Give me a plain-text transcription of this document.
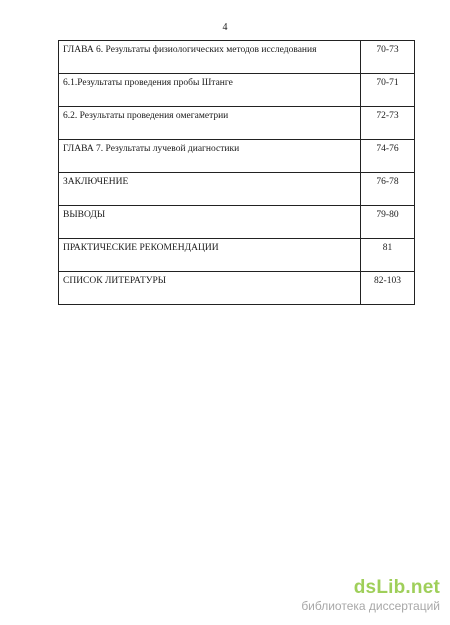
4
ГЛАВА 6. Результаты физиологических методов исследования	70-73
6.1.Результаты проведения пробы Штанге	70-71
6.2. Результаты проведения омегаметрии	72-73
ГЛАВА 7. Результаты лучевой диагностики	74-76
ЗАКЛЮЧЕНИЕ	76-78
ВЫВОДЫ	79-80
ПРАКТИЧЕСКИЕ РЕКОМЕНДАЦИИ	81
СПИСОК ЛИТЕРАТУРЫ	82-103
dsLib.net
библиотека диссертаций
